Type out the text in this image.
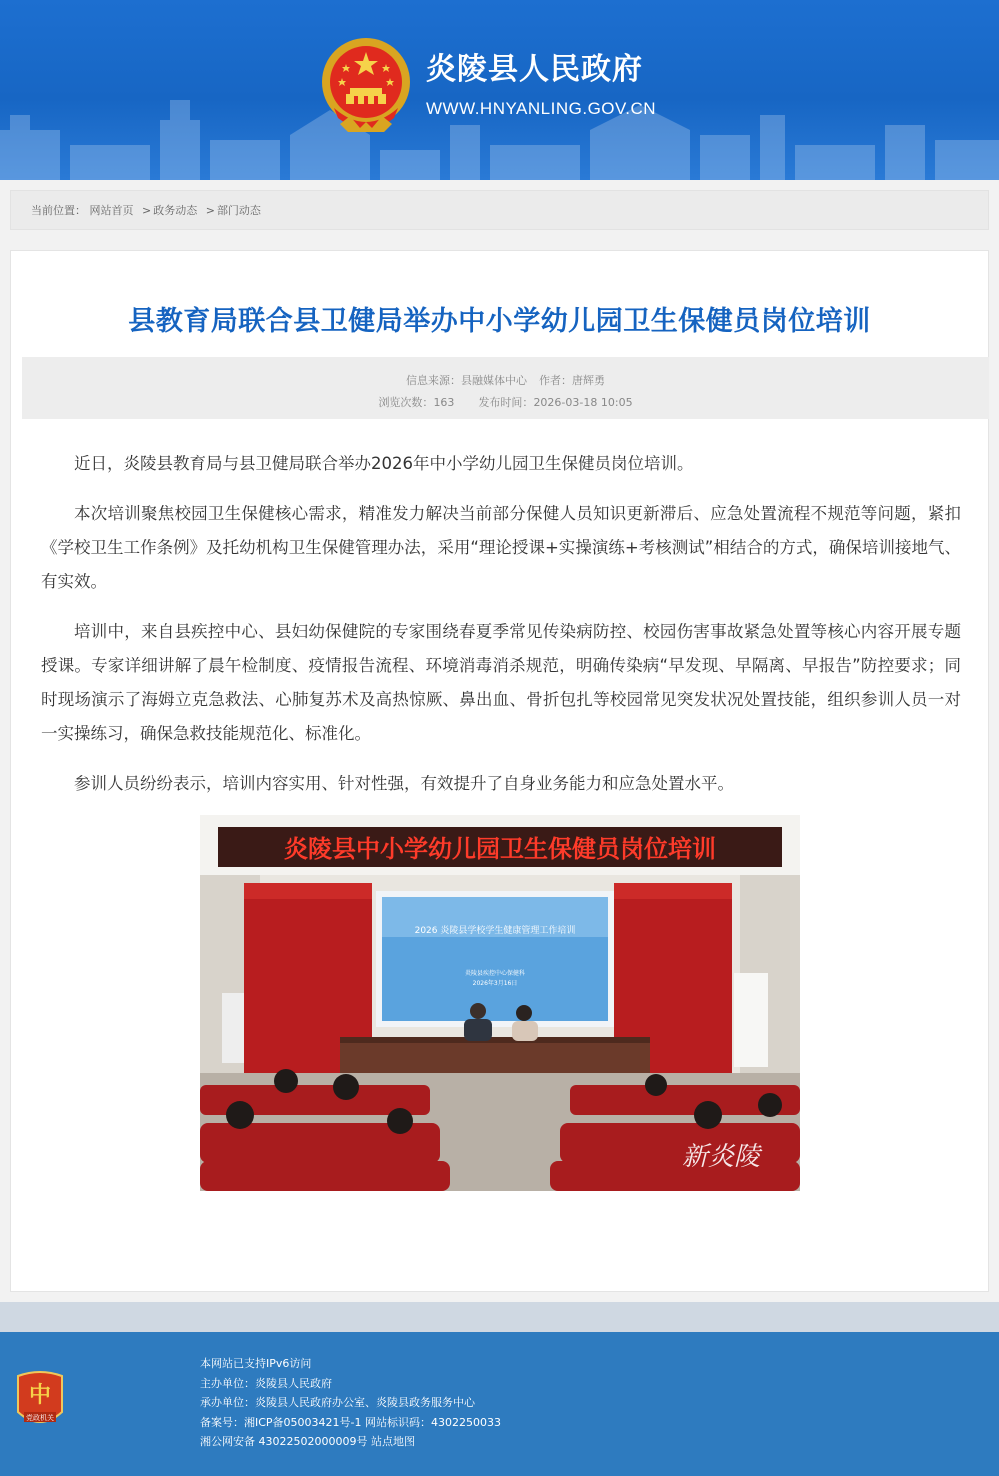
炎陵县人民政府
WWW.HNYANLING.GOV.CN
当前位置： 网站首页 > 政务动态 > 部门动态
县教育局联合县卫健局举办中小学幼儿园卫生保健员岗位培训
信息来源：县融媒体中心 作者：唐辉勇
浏览次数：163 发布时间：2026-03-18 10:05

近日，炎陵县教育局与县卫健局联合举办2026年中小学幼儿园卫生保健员岗位培训。

本次培训聚焦校园卫生保健核心需求，精准发力解决当前部分保健人员知识更新滞后、应急处置流程不规范等问题，紧扣《学校卫生工作条例》及托幼机构卫生保健管理办法，采用“理论授课+实操演练+考核测试”相结合的方式，确保培训接地气、有实效。

培训中，来自县疾控中心、县妇幼保健院的专家围绕春夏季常见传染病防控、校园伤害事故紧急处置等核心内容开展专题授课。专家详细讲解了晨午检制度、疫情报告流程、环境消毒消杀规范，明确传染病“早发现、早隔离、早报告”防控要求；同时现场演示了海姆立克急救法、心肺复苏术及高热惊厥、鼻出血、骨折包扎等校园常见突发状况处置技能，组织参训人员一对一实操练习，确保急救技能规范化、标准化。

参训人员纷纷表示，培训内容实用、针对性强，有效提升了自身业务能力和应急处置水平。

炎陵县中小学幼儿园卫生保健员岗位培训
2026 炎陵县学校学生健康管理工作培训
炎陵县疾控中心保健科
2026年3月16日
新炎陵
中
党政机关
本网站已支持IPv6访问
主办单位：炎陵县人民政府
承办单位：炎陵县人民政府办公室、炎陵县政务服务中心
备案号：湘ICP备05003421号-1 网站标识码：4302250033
湘公网安备 43022502000009号 站点地图
